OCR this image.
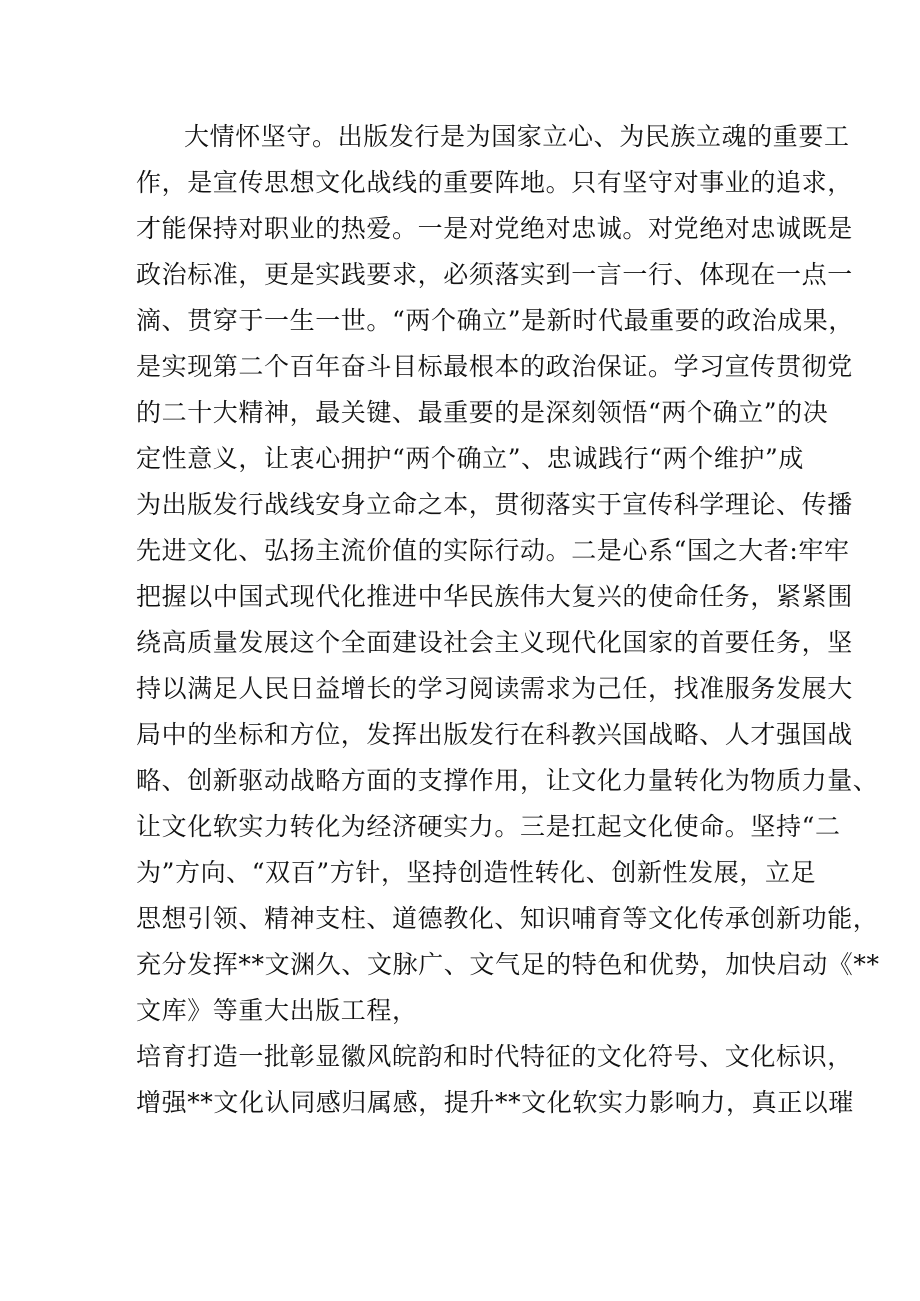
大情怀坚守。出版发行是为国家立心、为民族立魂的重要工
作，是宣传思想文化战线的重要阵地。只有坚守对事业的追求，
才能保持对职业的热爱。一是对党绝对忠诚。对党绝对忠诚既是
政治标准，更是实践要求，必须落实到一言一行、体现在一点一
滴、贯穿于一生一世。“两个确立”是新时代最重要的政治成果，
是实现第二个百年奋斗目标最根本的政治保证。学习宣传贯彻党
的二十大精神，最关键、最重要的是深刻领悟“两个确立”的决
定性意义，让衷心拥护“两个确立”、忠诚践行“两个维护”成
为出版发行战线安身立命之本，贯彻落实于宣传科学理论、传播
先进文化、弘扬主流价值的实际行动。二是心系“国之大者:牢牢
把握以中国式现代化推进中华民族伟大复兴的使命任务，紧紧围
绕高质量发展这个全面建设社会主义现代化国家的首要任务，坚
持以满足人民日益增长的学习阅读需求为己任，找准服务发展大
局中的坐标和方位，发挥出版发行在科教兴国战略、人才强国战
略、创新驱动战略方面的支撑作用，让文化力量转化为物质力量、
让文化软实力转化为经济硬实力。三是扛起文化使命。坚持“二
为”方向、“双百”方针，坚持创造性转化、创新性发展，立足
思想引领、精神支柱、道德教化、知识哺育等文化传承创新功能，
充分发挥**文渊久、文脉广、文气足的特色和优势，加快启动《**
文库》等重大出版工程，
培育打造一批彰显徽风皖韵和时代特征的文化符号、文化标识，
增强**文化认同感归属感，提升**文化软实力影响力，真正以璀
